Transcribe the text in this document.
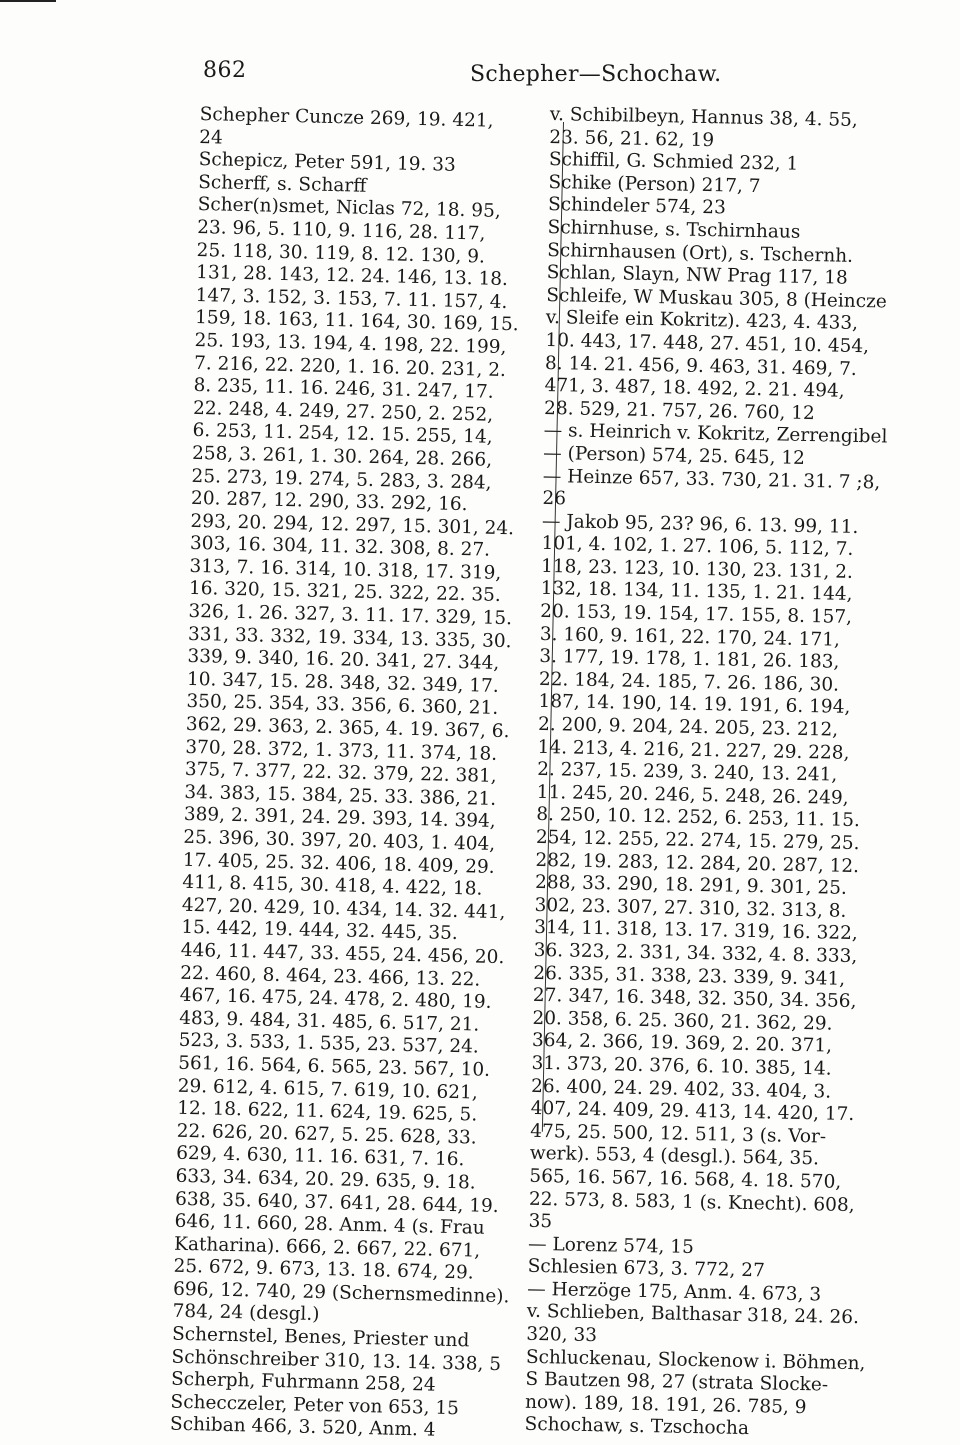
862	Schepher—Schochaw.
Schepher Cuncze 269, 19. 421,
24
Schepicz, Peter 591, 19. 33
Scherff, s. Scharff
Scher(n)smet, Niclas 72, 18. 95,
23. 96, 5. 110, 9. 116, 28. 117,
25. 118, 30. 119, 8. 12. 130, 9.
131, 28. 143, 12. 24. 146, 13. 18.
147, 3. 152, 3. 153, 7. 11. 157, 4.
159, 18. 163, 11. 164, 30. 169, 15.
25. 193, 13. 194, 4. 198, 22. 199,
7. 216, 22. 220, 1. 16. 20. 231, 2.
8. 235, 11. 16. 246, 31. 247, 17.
22. 248, 4. 249, 27. 250, 2. 252,
6. 253, 11. 254, 12. 15. 255, 14,
258, 3. 261, 1. 30. 264, 28. 266,
25. 273, 19. 274, 5. 283, 3. 284,
20. 287, 12. 290, 33. 292, 16.
293, 20. 294, 12. 297, 15. 301, 24.
303, 16. 304, 11. 32. 308, 8. 27.
313, 7. 16. 314, 10. 318, 17. 319,
16. 320, 15. 321, 25. 322, 22. 35.
326, 1. 26. 327, 3. 11. 17. 329, 15.
331, 33. 332, 19. 334, 13. 335, 30.
339, 9. 340, 16. 20. 341, 27. 344,
10. 347, 15. 28. 348, 32. 349, 17.
350, 25. 354, 33. 356, 6. 360, 21.
362, 29. 363, 2. 365, 4. 19. 367, 6.
370, 28. 372, 1. 373, 11. 374, 18.
375, 7. 377, 22. 32. 379, 22. 381,
34. 383, 15. 384, 25. 33. 386, 21.
389, 2. 391, 24. 29. 393, 14. 394,
25. 396, 30. 397, 20. 403, 1. 404,
17. 405, 25. 32. 406, 18. 409, 29.
411, 8. 415, 30. 418, 4. 422, 18.
427, 20. 429, 10. 434, 14. 32. 441,
15. 442, 19. 444, 32. 445, 35.
446, 11. 447, 33. 455, 24. 456, 20.
22. 460, 8. 464, 23. 466, 13. 22.
467, 16. 475, 24. 478, 2. 480, 19.
483, 9. 484, 31. 485, 6. 517, 21.
523, 3. 533, 1. 535, 23. 537, 24.
561, 16. 564, 6. 565, 23. 567, 10.
29. 612, 4. 615, 7. 619, 10. 621,
12. 18. 622, 11. 624, 19. 625, 5.
22. 626, 20. 627, 5. 25. 628, 33.
629, 4. 630, 11. 16. 631, 7. 16.
633, 34. 634, 20. 29. 635, 9. 18.
638, 35. 640, 37. 641, 28. 644, 19.
646, 11. 660, 28. Anm. 4 (s. Frau
Katharina). 666, 2. 667, 22. 671,
25. 672, 9. 673, 13. 18. 674, 29.
696, 12. 740, 29 (Schernsmedinne).
784, 24 (desgl.)
Schernstel, Benes, Priester und
Schönschreiber 310, 13. 14. 338, 5
Scherph, Fuhrmann 258, 24
Schecczeler, Peter von 653, 15
Schiban 466, 3. 520, Anm. 4
v. Schibilbeyn, Hannus 38, 4. 55,
23. 56, 21. 62, 19
Schiffil, G. Schmied 232, 1
Schike (Person) 217, 7
Schindeler 574, 23
Schirnhuse, s. Tschirnhaus
Schirnhausen (Ort), s. Tschernh.
Schlan, Slayn, NW Prag 117, 18
Schleife, W Muskau 305, 8 (Heincze
v. Sleife ein Kokritz). 423, 4. 433,
10. 443, 17. 448, 27. 451, 10. 454,
8. 14. 21. 456, 9. 463, 31. 469, 7.
471, 3. 487, 18. 492, 2. 21. 494,
28. 529, 21. 757, 26. 760, 12
— s. Heinrich v. Kokritz, Zerrengibel
— (Person) 574, 25. 645, 12
— Heinze 657, 33. 730, 21. 31. 7 ;8,
26
— Jakob 95, 23? 96, 6. 13. 99, 11.
101, 4. 102, 1. 27. 106, 5. 112, 7.
118, 23. 123, 10. 130, 23. 131, 2.
132, 18. 134, 11. 135, 1. 21. 144,
20. 153, 19. 154, 17. 155, 8. 157,
3. 160, 9. 161, 22. 170, 24. 171,
3. 177, 19. 178, 1. 181, 26. 183,
22. 184, 24. 185, 7. 26. 186, 30.
187, 14. 190, 14. 19. 191, 6. 194,
2. 200, 9. 204, 24. 205, 23. 212,
14. 213, 4. 216, 21. 227, 29. 228,
2. 237, 15. 239, 3. 240, 13. 241,
11. 245, 20. 246, 5. 248, 26. 249,
8. 250, 10. 12. 252, 6. 253, 11. 15.
254, 12. 255, 22. 274, 15. 279, 25.
282, 19. 283, 12. 284, 20. 287, 12.
288, 33. 290, 18. 291, 9. 301, 25.
302, 23. 307, 27. 310, 32. 313, 8.
314, 11. 318, 13. 17. 319, 16. 322,
36. 323, 2. 331, 34. 332, 4. 8. 333,
26. 335, 31. 338, 23. 339, 9. 341,
27. 347, 16. 348, 32. 350, 34. 356,
20. 358, 6. 25. 360, 21. 362, 29.
364, 2. 366, 19. 369, 2. 20. 371,
31. 373, 20. 376, 6. 10. 385, 14.
26. 400, 24. 29. 402, 33. 404, 3.
407, 24. 409, 29. 413, 14. 420, 17.
475, 25. 500, 12. 511, 3 (s. Vor-
werk). 553, 4 (desgl.). 564, 35.
565, 16. 567, 16. 568, 4. 18. 570,
22. 573, 8. 583, 1 (s. Knecht). 608,
35
— Lorenz 574, 15
Schlesien 673, 3. 772, 27
— Herzöge 175, Anm. 4. 673, 3
v. Schlieben, Balthasar 318, 24. 26.
320, 33
Schluckenau, Slockenow i. Böhmen,
S Bautzen 98, 27 (strata Slocke-
now). 189, 18. 191, 26. 785, 9
Schochaw, s. Tzschocha
